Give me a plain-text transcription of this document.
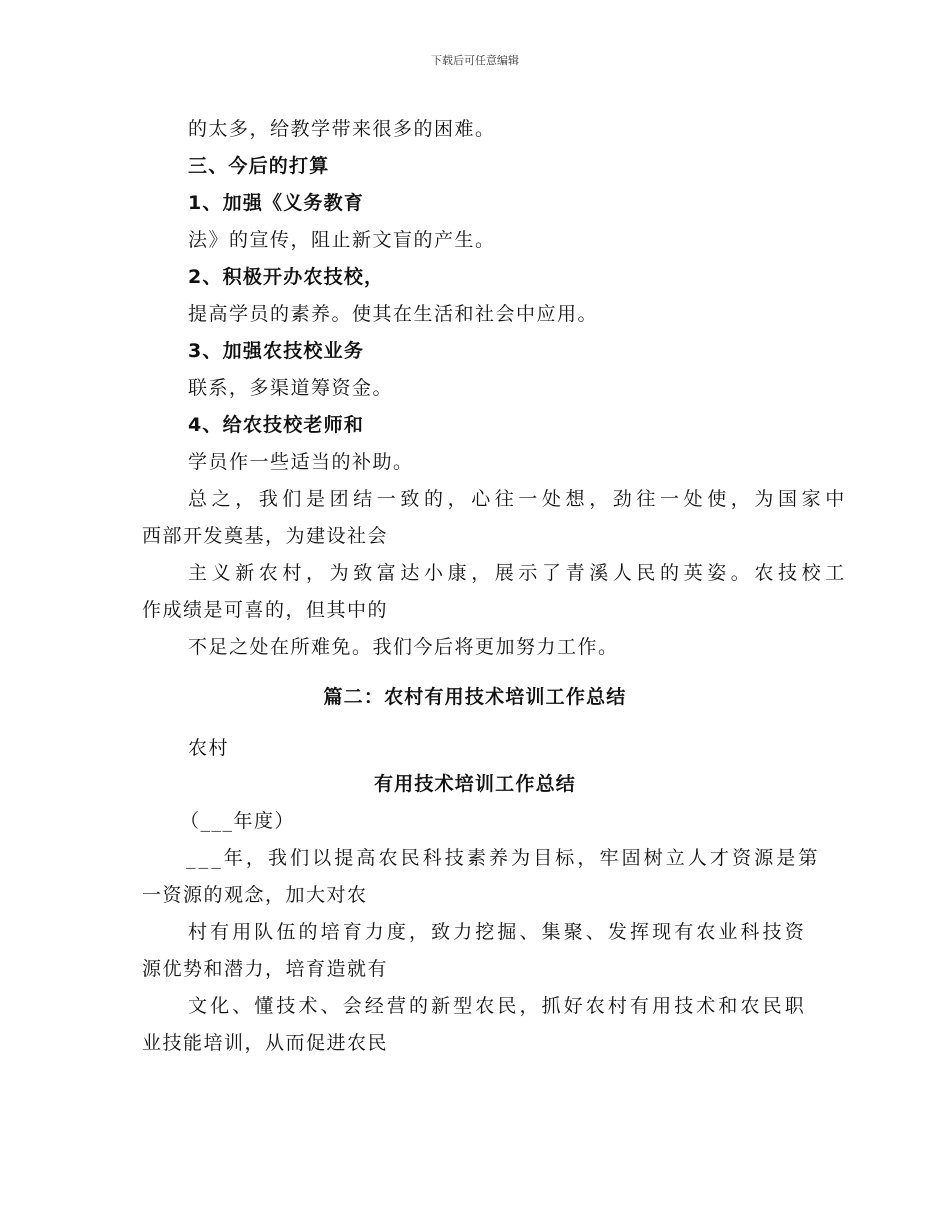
下载后可任意编辑
的太多，给教学带来很多的困难。
三、今后的打算
1、加强《义务教育
法》的宣传，阻止新文盲的产生。
2、积极开办农技校，
提高学员的素养。使其在生活和社会中应用。
3、加强农技校业务
联系，多渠道筹资金。
4、给农技校老师和
学员作一些适当的补助。
总之，我们是团结一致的，心往一处想，劲往一处使，为国家中
西部开发奠基，为建设社会
主义新农村，为致富达小康，展示了青溪人民的英姿。农技校工
作成绩是可喜的，但其中的
不足之处在所难免。我们今后将更加努力工作。
篇二：农村有用技术培训工作总结
农村
有用技术培训工作总结
（___年度）
___年，我们以提高农民科技素养为目标，牢固树立人才资源是第
一资源的观念，加大对农
村有用队伍的培育力度，致力挖掘、集聚、发挥现有农业科技资
源优势和潜力，培育造就有
文化、懂技术、会经营的新型农民，抓好农村有用技术和农民职
业技能培训，从而促进农民
